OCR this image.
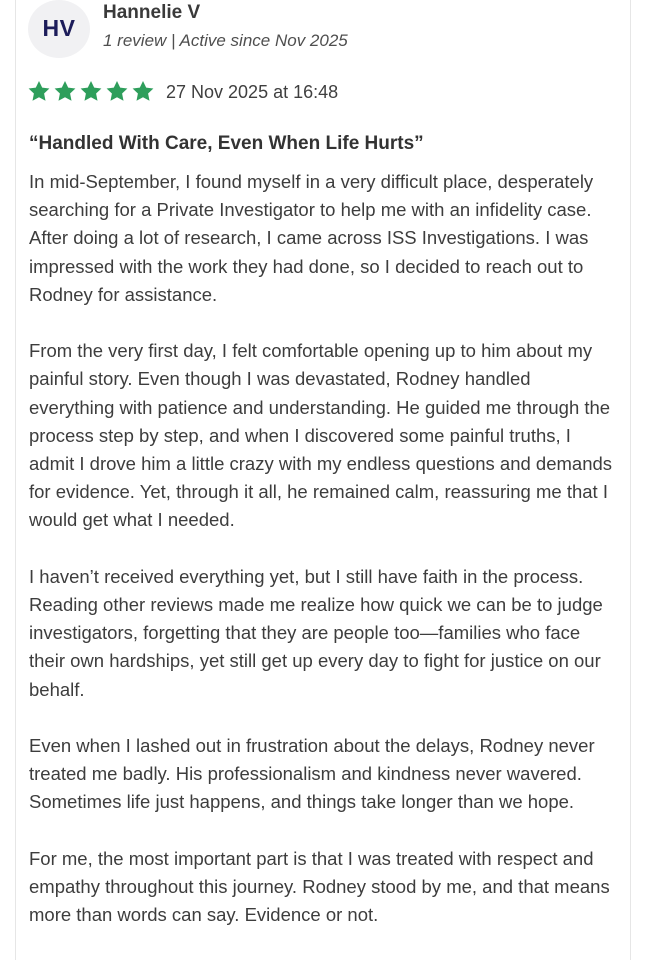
HV
Hannelie V
1 review | Active since Nov 2025
27 Nov 2025 at 16:48
“Handled With Care, Even When Life Hurts”

In mid-September, I found myself in a very difficult place, desperately searching for a Private Investigator to help me with an infidelity case. After doing a lot of research, I came across ISS Investigations. I was impressed with the work they had done, so I decided to reach out to Rodney for assistance.

From the very first day, I felt comfortable opening up to him about my painful story. Even though I was devastated, Rodney handled everything with patience and understanding. He guided me through the process step by step, and when I discovered some painful truths, I admit I drove him a little crazy with my endless questions and demands for evidence. Yet, through it all, he remained calm, reassuring me that I would get what I needed.

I haven’t received everything yet, but I still have faith in the process. Reading other reviews made me realize how quick we can be to judge investigators, forgetting that they are people too—families who face their own hardships, yet still get up every day to fight for justice on our behalf.

Even when I lashed out in frustration about the delays, Rodney never treated me badly. His professionalism and kindness never wavered. Sometimes life just happens, and things take longer than we hope.

For me, the most important part is that I was treated with respect and empathy throughout this journey. Rodney stood by me, and that means more than words can say. Evidence or not.
